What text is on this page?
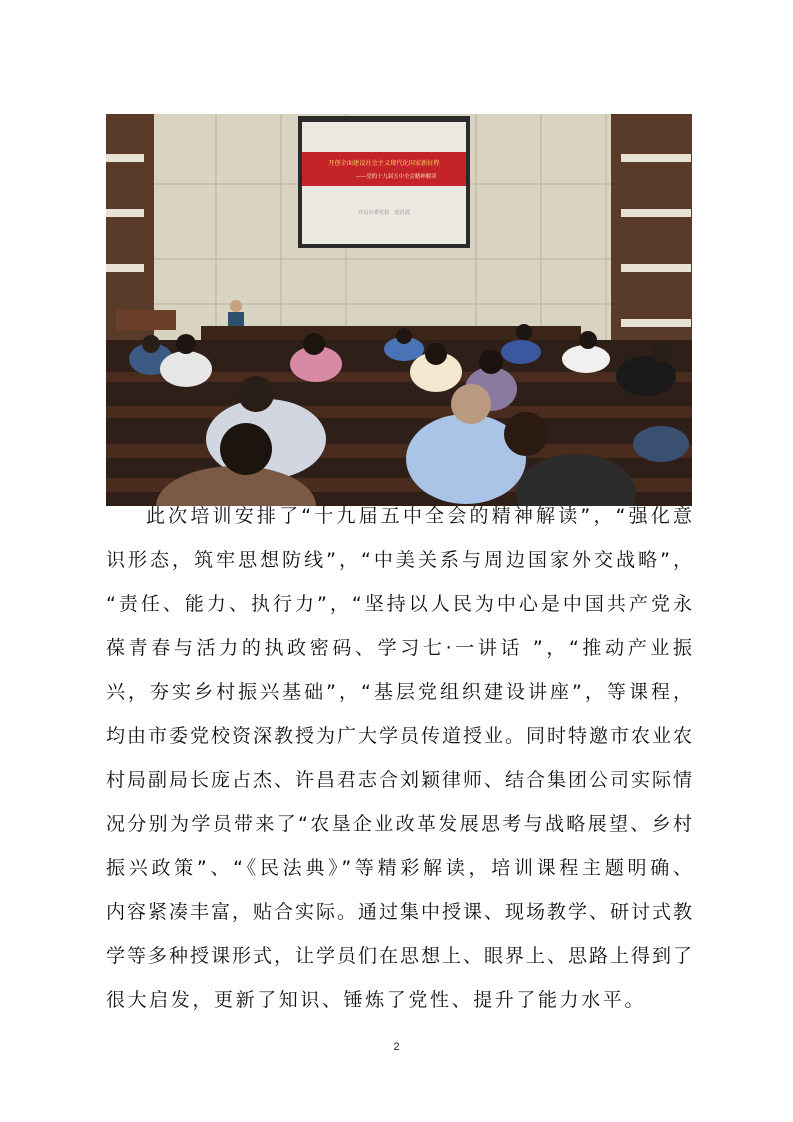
开创全面建设社会主义现代化国家新征程
——党的十九届五中全会精神解读
许昌市委党校　范莒霞
此次培训安排了“十九届五中全会的精神解读”，“强化意
识形态，筑牢思想防线”，“中美关系与周边国家外交战略”，
“责任、能力、执行力”，“坚持以人民为中心是中国共产党永
葆青春与活力的执政密码、学习七·一讲话 ”，“推动产业振
兴，夯实乡村振兴基础”，“基层党组织建设讲座”，等课程，
均由市委党校资深教授为广大学员传道授业。同时特邀市农业农
村局副局长庞占杰、许昌君志合刘颖律师、结合集团公司实际情
况分别为学员带来了“农垦企业改革发展思考与战略展望、乡村
振兴政策”、“《民法典》”等精彩解读，培训课程主题明确、
内容紧凑丰富，贴合实际。通过集中授课、现场教学、研讨式教
学等多种授课形式，让学员们在思想上、眼界上、思路上得到了
很大启发，更新了知识、锤炼了党性、提升了能力水平。
2
